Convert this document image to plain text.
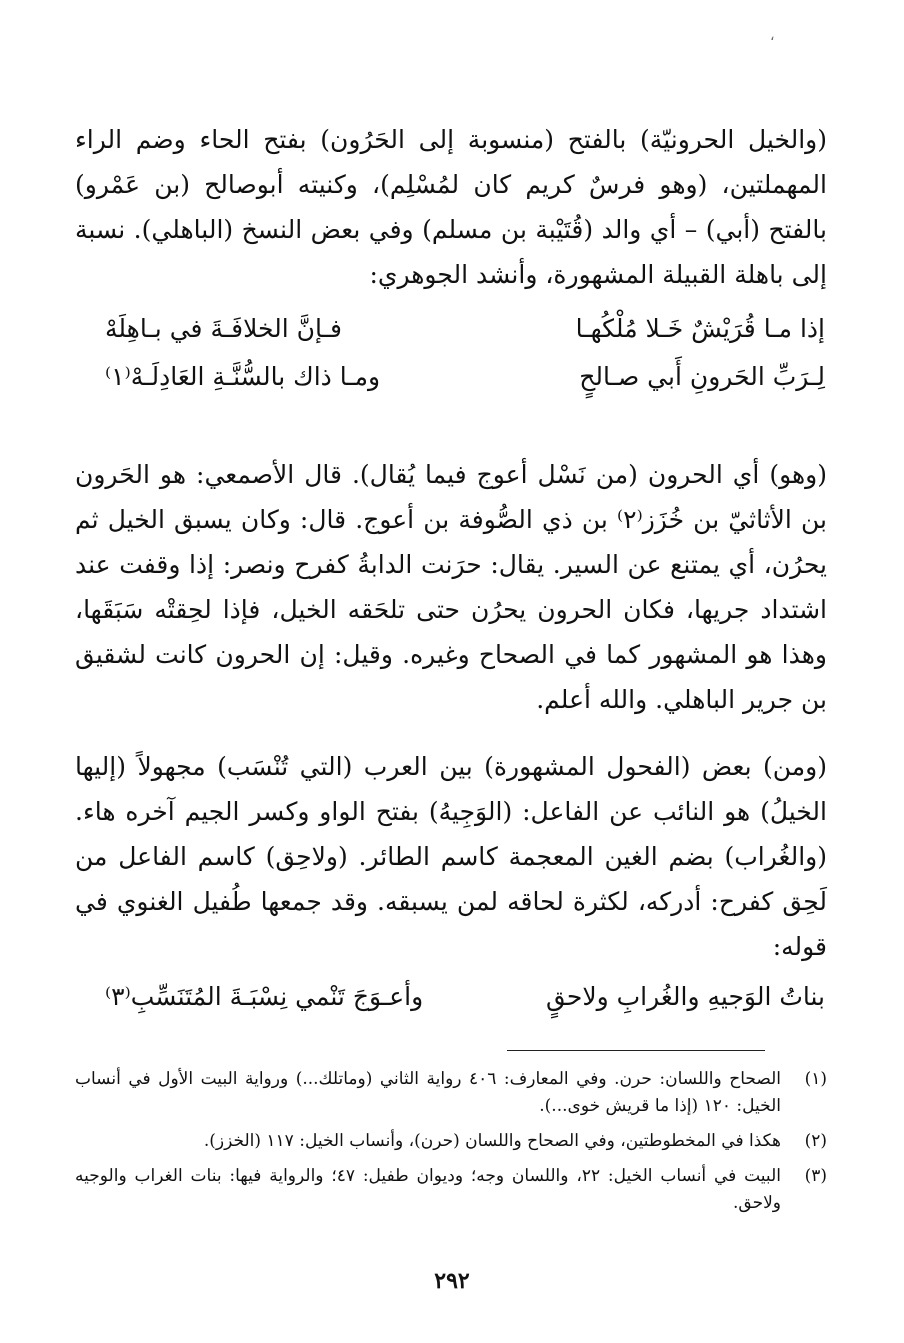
،

(والخيل الحرونيّة) بالفتح (منسوبة إلى الحَرُون) بفتح الحاء وضم الراء المهملتين، (وهو فرسٌ كريم كان لمُسْلِم)، وكنيته أبوصالح (بن عَمْرو) بالفتح (أبي) – أي والد (قُتَيْبة بن مسلم) وفي بعض النسخ (الباهلي). نسبة إلى باهلة القبيلة المشهورة، وأنشد الجوهري:

إذا مـا قُرَيْشٌ خَـلا مُلْكُهـا
فـإنَّ الخلافَـةَ في بـاهِلَهْ
لِـرَبِّ الحَرونِ أَبي صـالحٍ
ومـا ذاك بالسُّنَّـةِ العَادِلَـهْ⁽١⁾

(وهو) أي الحرون (من نَسْل أعوج فيما يُقال). قال الأصمعي: هو الحَرون بن الأثاثيّ بن خُزَز⁽٢⁾ بن ذي الصُّوفة بن أعوج. قال: وكان يسبق الخيل ثم يحرُن، أي يمتنع عن السير. يقال: حرَنت الدابةُ كفرح ونصر: إذا وقفت عند اشتداد جريها، فكان الحرون يحرُن حتى تلحَقه الخيل، فإذا لحِقتْه سَبَقَها، وهذا هو المشهور كما في الصحاح وغيره. وقيل: إن الحرون كانت لشقيق بن جرير الباهلي. والله أعلم.

(ومن) بعض (الفحول المشهورة) بين العرب (التي تُنْسَب) مجهولاً (إليها الخيلُ) هو النائب عن الفاعل: (الوَجِيهُ) بفتح الواو وكسر الجيم آخره هاء. (والغُراب) بضم الغين المعجمة كاسم الطائر. (ولاحِق) كاسم الفاعل من لَحِق كفرح: أدركه، لكثرة لحاقه لمن يسبقه. وقد جمعها طُفيل الغنوي في قوله:

بناتُ الوَجيهِ والغُرابِ ولاحقٍ
وأعـوَجَ تَنْمي نِسْبَـةَ المُتَنَسِّبِ⁽٣⁾
(١)
الصحاح واللسان: حرن. وفي المعارف: ٤٠٦ رواية الثاني (وماتلك...) ورواية البيت الأول في أنساب الخيل: ١٢٠ (إذا ما قريش خوى...).
(٢)
هكذا في المخطوطتين، وفي الصحاح واللسان (حرن)، وأنساب الخيل: ١١٧ (الخزز).
(٣)
البيت في أنساب الخيل: ٢٢، واللسان وجه؛ وديوان طفيل: ٤٧؛ والرواية فيها: بنات الغراب والوجيه ولاحق.
٢٩٢
